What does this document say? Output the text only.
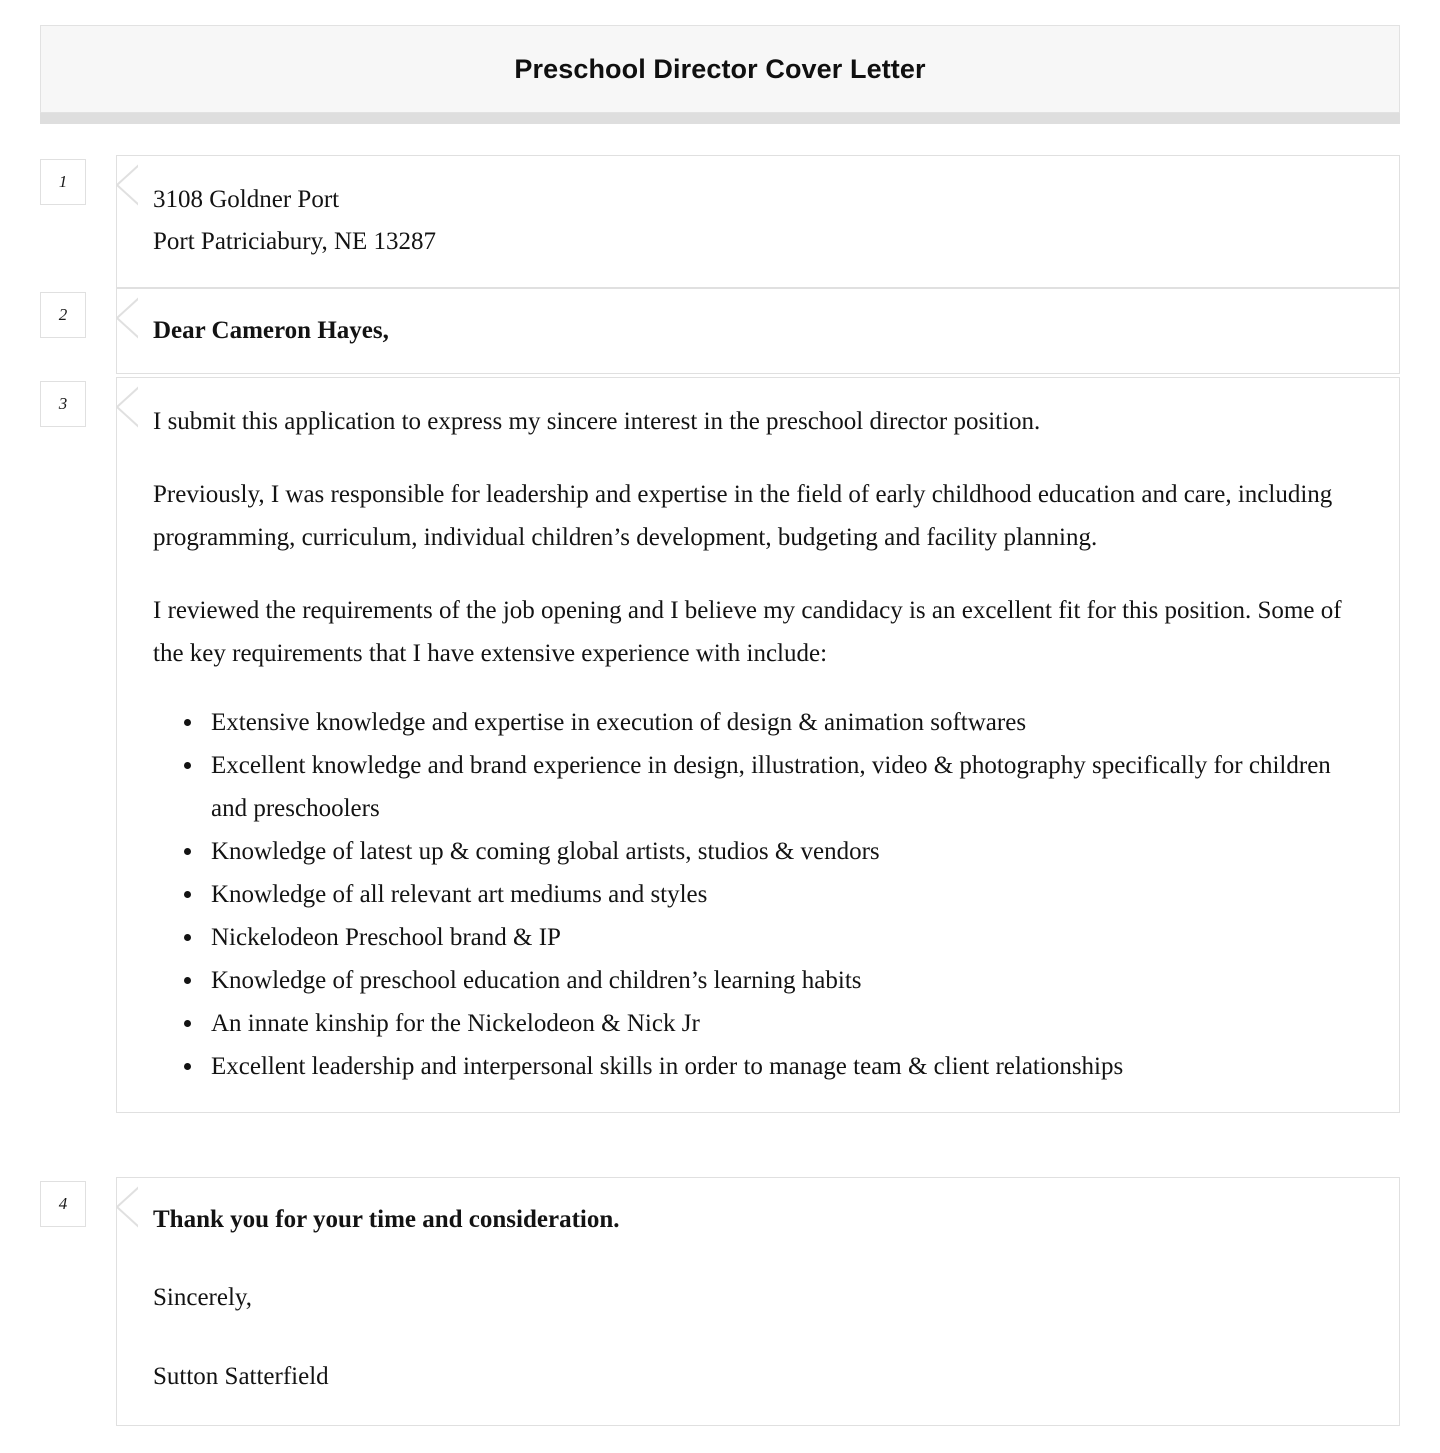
Preschool Director Cover Letter
1

3108 Goldner Port

Port Patriciabury, NE 13287

2

Dear Cameron Hayes,

3

I submit this application to express my sincere interest in the preschool director position.

Previously, I was responsible for leadership and expertise in the field of early childhood education and care, including programming, curriculum, individual children’s development, budgeting and facility planning.

I reviewed the requirements of the job opening and I believe my candidacy is an excellent fit for this position. Some of the key requirements that I have extensive experience with include:

• Extensive knowledge and expertise in execution of design & animation softwares
• Excellent knowledge and brand experience in design, illustration, video & photography specifically for children and preschoolers
• Knowledge of latest up & coming global artists, studios & vendors
• Knowledge of all relevant art mediums and styles
• Nickelodeon Preschool brand & IP
• Knowledge of preschool education and children’s learning habits
• An innate kinship for the Nickelodeon & Nick Jr
• Excellent leadership and interpersonal skills in order to manage team & client relationships
4

Thank you for your time and consideration.

Sincerely,

Sutton Satterfield
